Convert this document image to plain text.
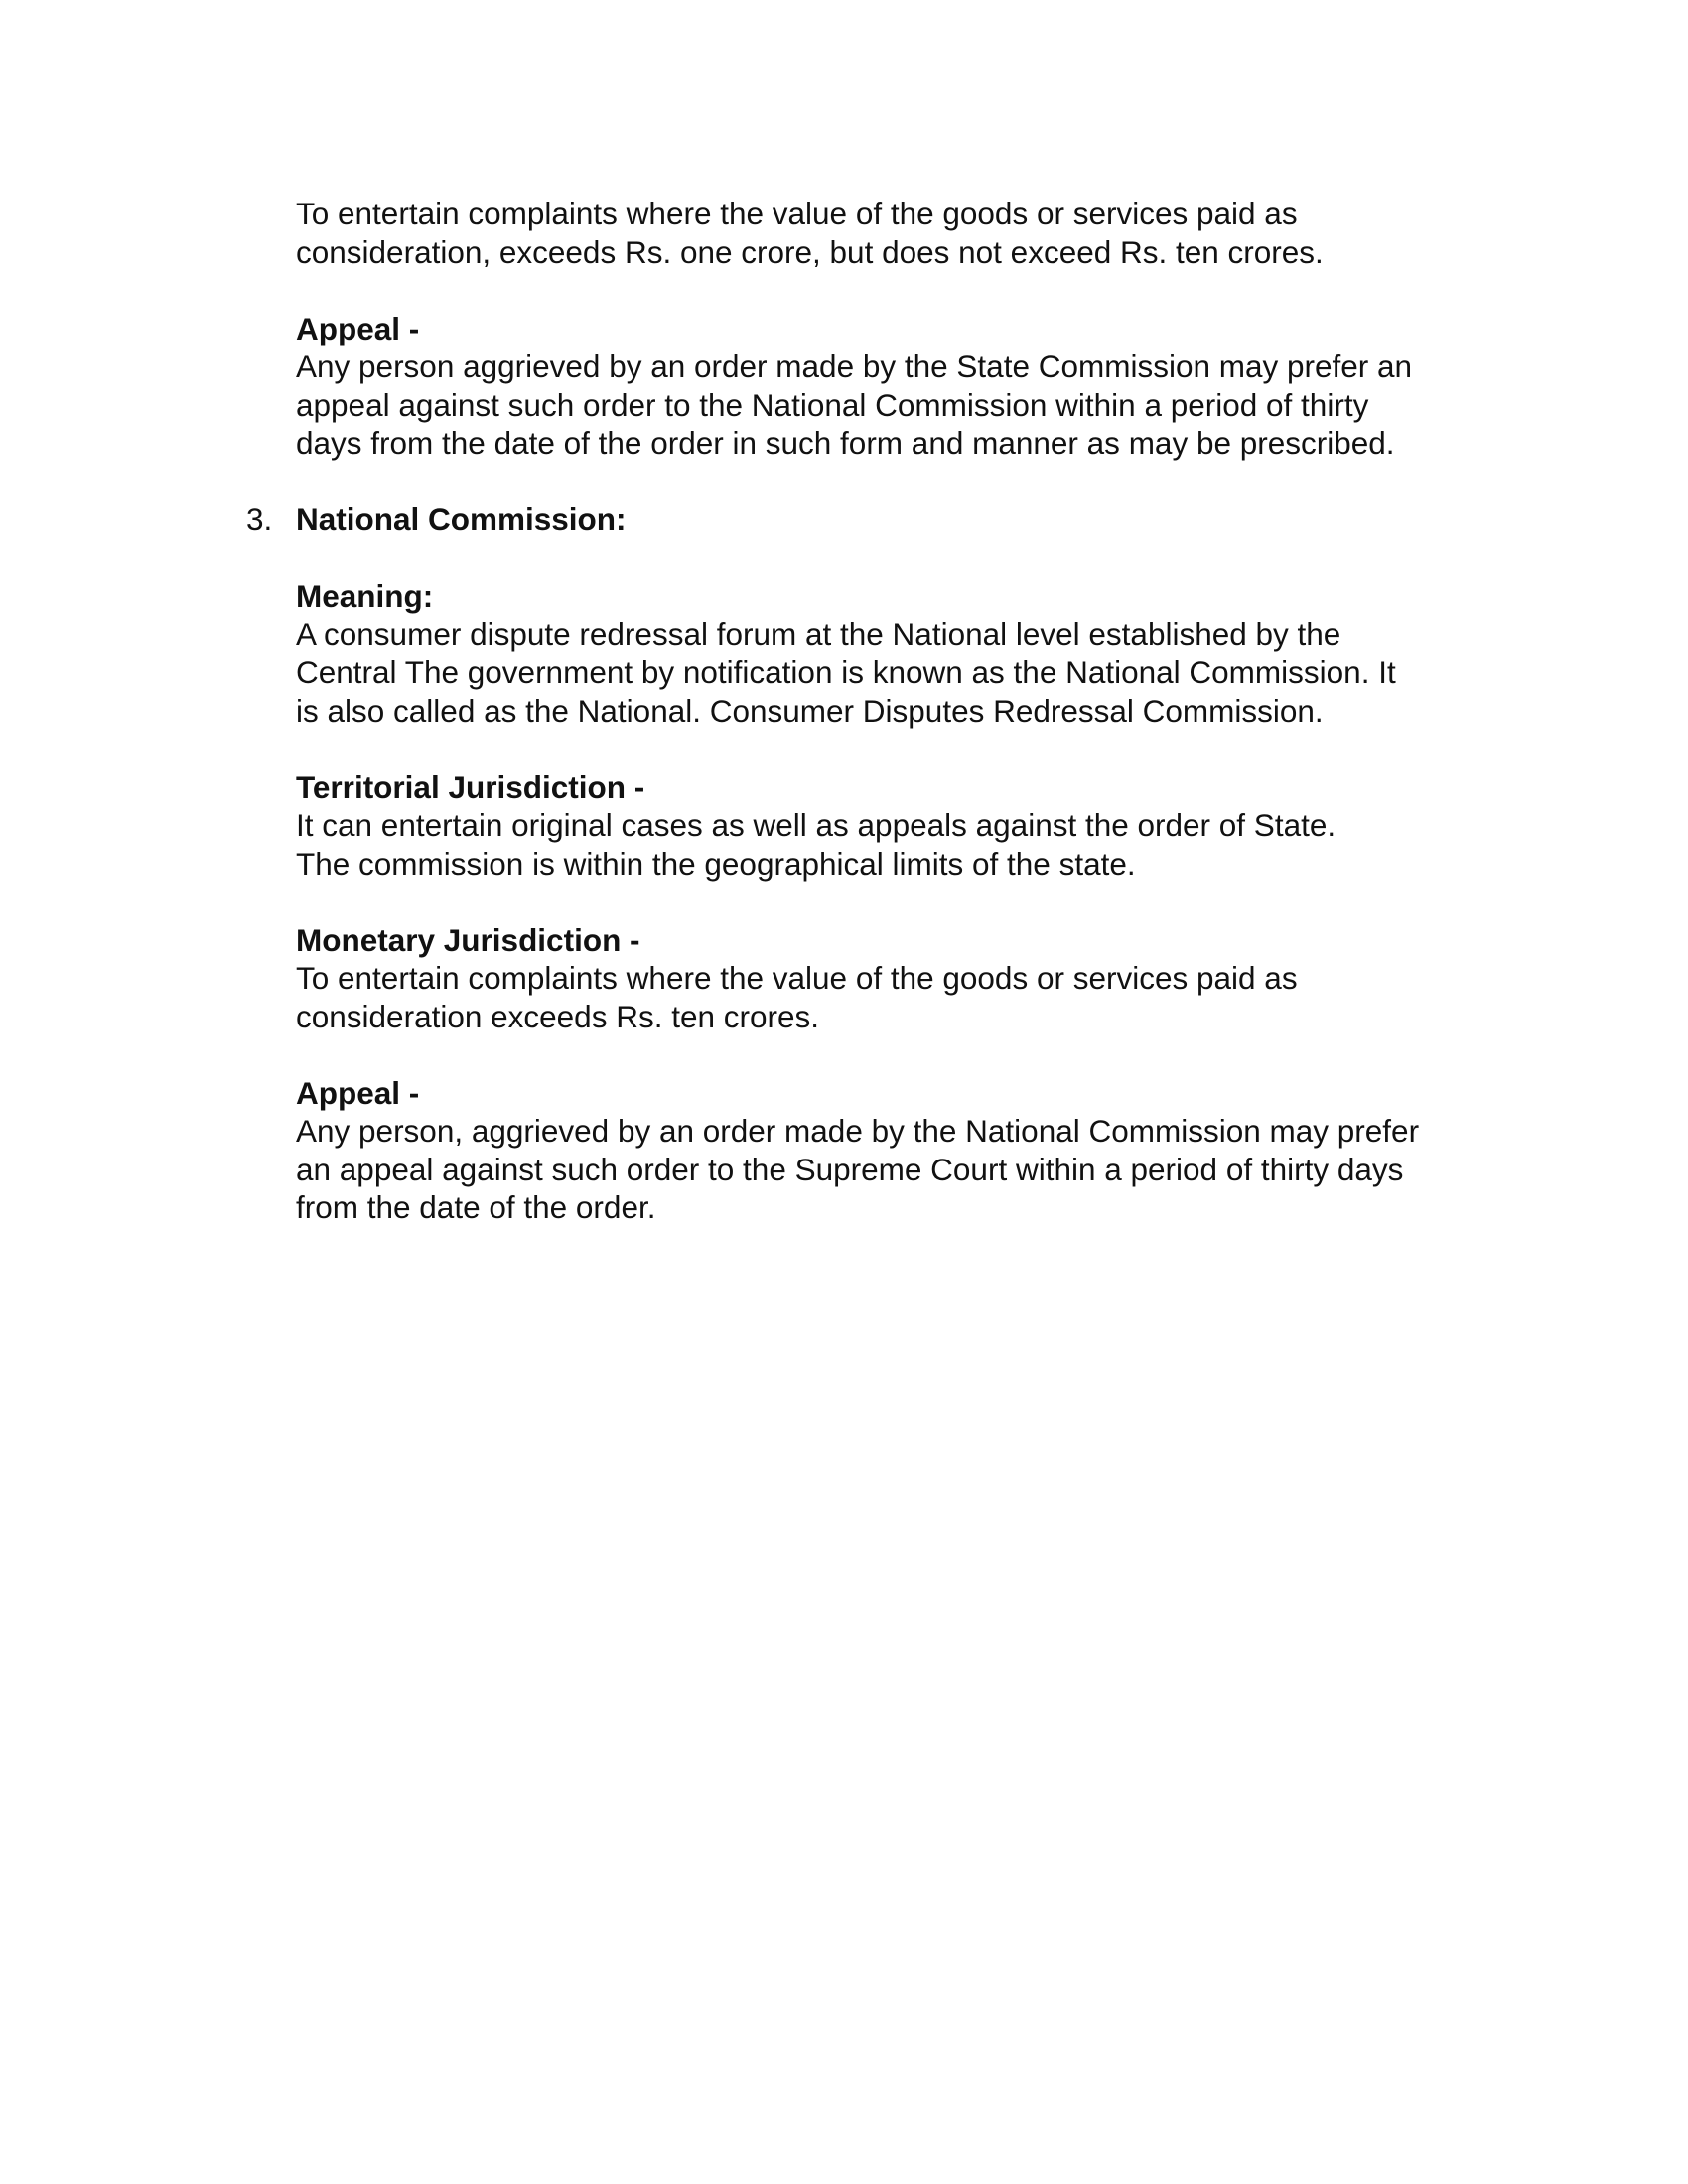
To entertain complaints where the value of the goods or services paid as
consideration, exceeds Rs. one crore, but does not exceed Rs. ten crores.

Appeal -

Any person aggrieved by an order made by the State Commission may prefer an
appeal against such order to the National Commission within a period of thirty
days from the date of the order in such form and manner as may be prescribed.

3. National Commission:

Meaning:

A consumer dispute redressal forum at the National level established by the
Central The government by notification is known as the National Commission. It
is also called as the National. Consumer Disputes Redressal Commission.

Territorial Jurisdiction -

It can entertain original cases as well as appeals against the order of State.
The commission is within the geographical limits of the state.

Monetary Jurisdiction -

To entertain complaints where the value of the goods or services paid as
consideration exceeds Rs. ten crores.

Appeal -

Any person, aggrieved by an order made by the National Commission may prefer
an appeal against such order to the Supreme Court within a period of thirty days
from the date of the order.
